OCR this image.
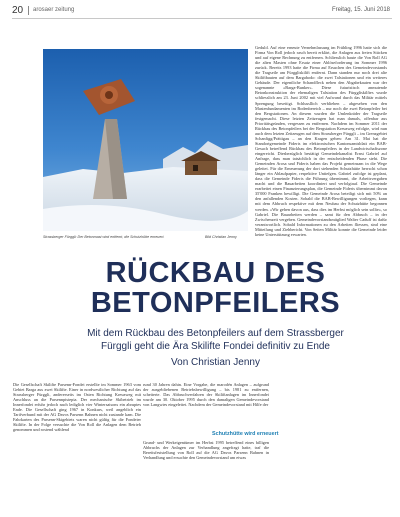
20 arosaer zeitung	Freitag, 15. Juni 2018
Strassberger Fürggli: Der Betonmast wird entfernt, die Schutzhütte erneuert.	Bild Christian Jenny
Geduld. Auf eine erneute Vernehmlassung im Frühling 1996 hatte sich die Firma Von Roll jedoch rasch bereit erklärt, die Anlagen aus freien Stücken und auf eigene Rechnung zu entfernen. Schliesslich baute die Von Roll AG die alten Masten ohne Ersatz einer Ablöseforderung im Sommer 1996 zurück. Bereits 1993 hatte die Firma auf Ersuchen des Gemeindevorstands die Tragseile am Fürggliskilift entfernt. Dann standen nur noch drei alte Skiliftbauten auf dem Bargabodo: die zwei Talstationen und ein weiteres Gebäude. Der eigentliche Schandfleck neben den Abgabekauten war der sogenannte «Barga-Bunker». Diese futuristisch anmutende Betonkonstruktion der ehemaligen Talstation des Fürggliskilftes wurde schliesslich am 23. Juni 2002 mit viel Aufwand durch das Militär mittels Sprengung beseitigt. Schlussllich verblieben – abgesehen von den Mastenfundamenten im Bodenbereich – nur noch die zwei Betonpfeiler bei den Bergstationen. An diesem wurden die Umlenkräder der Tragseile festgemacht. Diese letzten Zeitzeugen hat man damals, offenbar aus Prioritätsgründen, vergessen zu entfernen. Nachdem im Sommer 2011 der Rückbau des Betonpfeilers bei der Bergstation Kreuzweg erfolgte, wird nun auch dem letzten Zeitzeugen auf dem Strassberger Fürggli – im Grenzgebiet Schanfigg/Prättigau – an den Kragen gehen: Am 31. Mai hat die Standortgemeinde Fideris im elektronischen Kantonsamtsblatt ein BAB-Gesuch betreffend Rückbau des Betonpfeilers in der Landwirtschaftszone eingereicht. Diesbezüglich bestätigt Gemeindekanzlist Ernst Gabriel auf Anfrage, dass man tatsächlich in der entscheidenden Phase steht. Die Gemeinden Arosa und Fideris haben das Projekt gemeinsam in die Wege geleitet. Für die Erneuerung der dort stehenden Schutzhütte herrscht schon länger ein Ablaufpapier, respektive Untiefgen. Gabriel zufolge ist geplant, dass die Gemeinde Fideris die Führung übernimmt, die Arbeitsvergaben macht und die Bauarbeiten koordiniert und verfolgtauf. Die Gemeinde erarbeitet einen Finanzierungsplan, die Gemeinde Fideris übernimmt davon 35'000 Franken bewilligt. Die Gemeinde Arosa beteiligt sich mit 50% an den anfallenden Kosten. Sobald die BAB-Bewilligungen vorliegen, kann mit dem Abbruch respektive mit dem Neubau der Schutzhütte begonnen werden. «Wir gehen davon aus, dass dies im Herbst möglich sein sollte», so Gabriel. Die Bauarbeiten werden – samt für den Abbruch – in der Zwischenzeit vergeben. Gemeindevorstandsmitglied Walter Caduff ist dafür verantwortlich. Sobald Informationen zu den Arbeiten fliessen, sind eine Mitteilung und Ziehbericht. Von Seiten Militär konnte die Gemeinde leider keine Unterstützung erwarten.
RÜCKBAU DES
BETONPFEILERS
Mit dem Rückbau des Betonpfeilers auf dem Strassberger
Fürggli geht die Ära Skilifte Fondei definitiv zu Ende
Von Christian Jenny
Die Gesellschaft Skilifte Parsenn-Fondei erstellte im Sommer 1963 vom Gebiet Barga aus zwei Skilifte. Einer in nordwestlicher Richtung auf das Strassberger Fürggli, andererseits im Osten Richtung Kreuzweg mit Anschluss an die Parsennpistepia. Der mechanische Skibetrieb im Innerfondei erfuhr jedoch nach lediglich vier Wintersaisons ein abruptes Ende. Die Gesellschaft ging 1967 in Konkurs, weil angeblich ein Tarifverbund mit der AG Davos Parsenn Bahnen nicht zustande kam. Die Fahrkarten des Parsenn-Skigebiets waren nicht gültig für die Fondeier Skilifte. In der Folge versuchte die Von Roll die Anlagen dem Betrieb genommen und rostend wählend
rund 30 Jahren dahin. Eine Vorgabe, die marodén Anlagen – aufgrund der ausgebliebenen Betriebsbewilligung – bis 1981 zu entfernen, scheiterte. Das Abbruchverfahren der Skiliftanlagen im Innerfondei wurde am 30. Oktober 1995 durch den damaligen Gemeindevorstand von Langwies eingeleitet. Nachdem der Gemeindevorstand mit Hilfe der
Schutzhütte wird erneuert
Grund- und Werkeigentümer im Herbst 1995 betreffend eines billigen Abbruchs der Anlagen zur Verhandlung angefragt hatte, traf die Bereitsfeststellung von Roll auf die AG Davos Parsenn Bahnen in Verhandlung und ersuchte den Gemeindevorstand um etwas
